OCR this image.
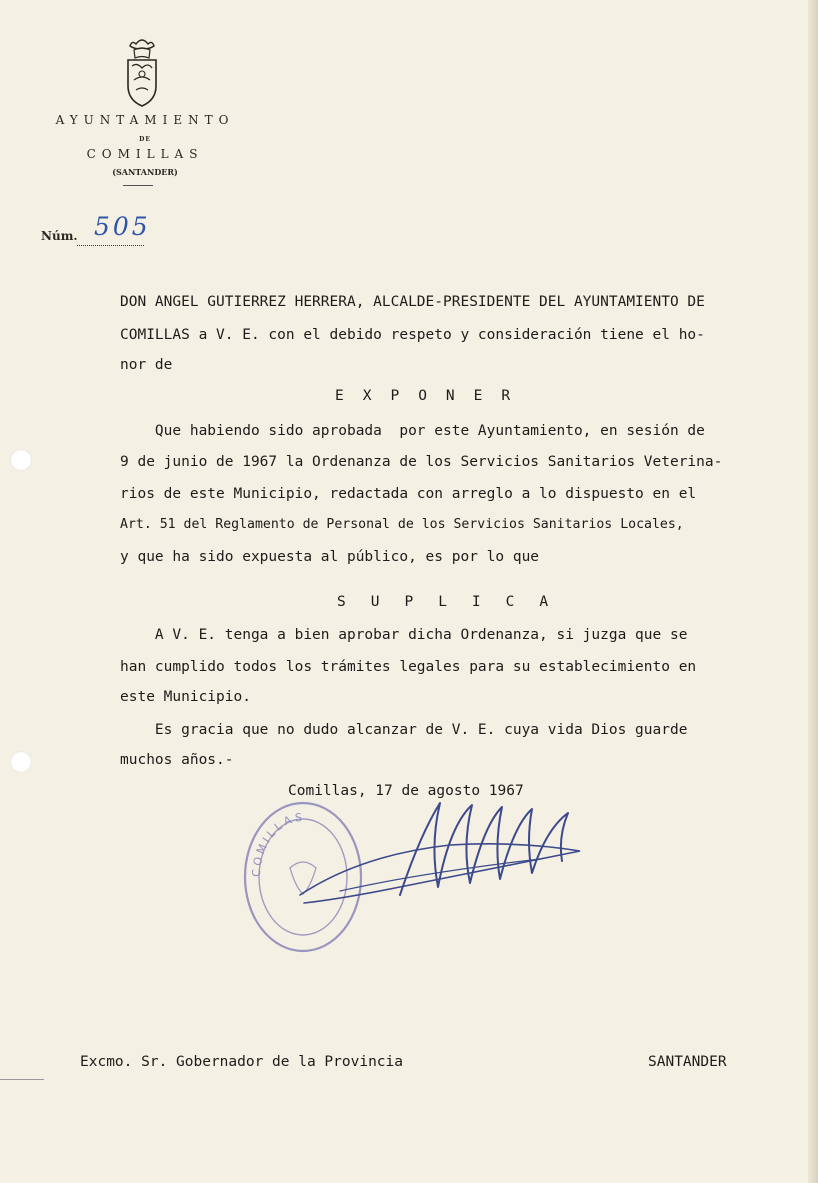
AYUNTAMIENTO
DE
COMILLAS
(SANTANDER)
Núm. 505
DON ANGEL GUTIERREZ HERRERA, ALCALDE-PRESIDENTE DEL AYUNTAMIENTO DE
COMILLAS a V. E. con el debido respeto y consideración tiene el ho-
nor de
EXPONER
Que habiendo sido aprobada  por este Ayuntamiento, en sesión de
9 de junio de 1967 la Ordenanza de los Servicios Sanitarios Veterina-
rios de este Municipio, redactada con arreglo a lo dispuesto en el
Art. 51 del Reglamento de Personal de los Servicios Sanitarios Locales,
y que ha sido expuesta al público, es por lo que
SUPLICA
A V. E. tenga a bien aprobar dicha Ordenanza, si juzga que se
han cumplido todos los trámites legales para su establecimiento en
este Municipio.
Es gracia que no dudo alcanzar de V. E. cuya vida Dios guarde
muchos años.-
Comillas, 17 de agosto 1967
COMILLAS
Excmo. Sr. Gobernador de la Provincia	SANTANDER
